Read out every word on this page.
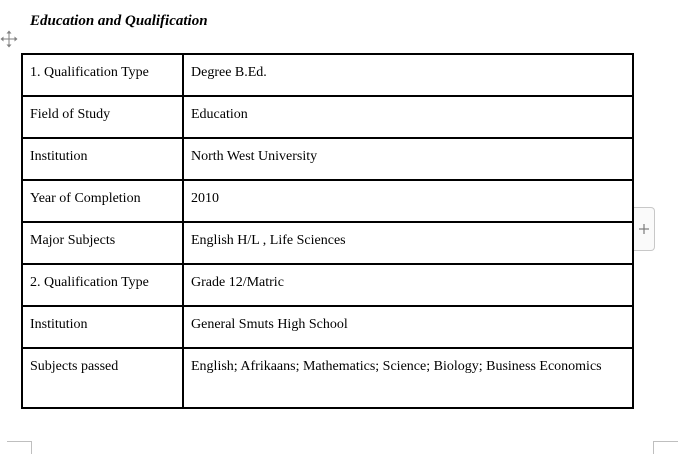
Education and Qualification
1. Qualification Type	Degree B.Ed.
Field of Study	Education
Institution	North West University
Year of Completion	2010
Major Subjects	English H/L , Life Sciences
2. Qualification Type	Grade 12/Matric
Institution	General Smuts High School
Subjects passed	English; Afrikaans; Mathematics; Science; Biology; Business Economics
